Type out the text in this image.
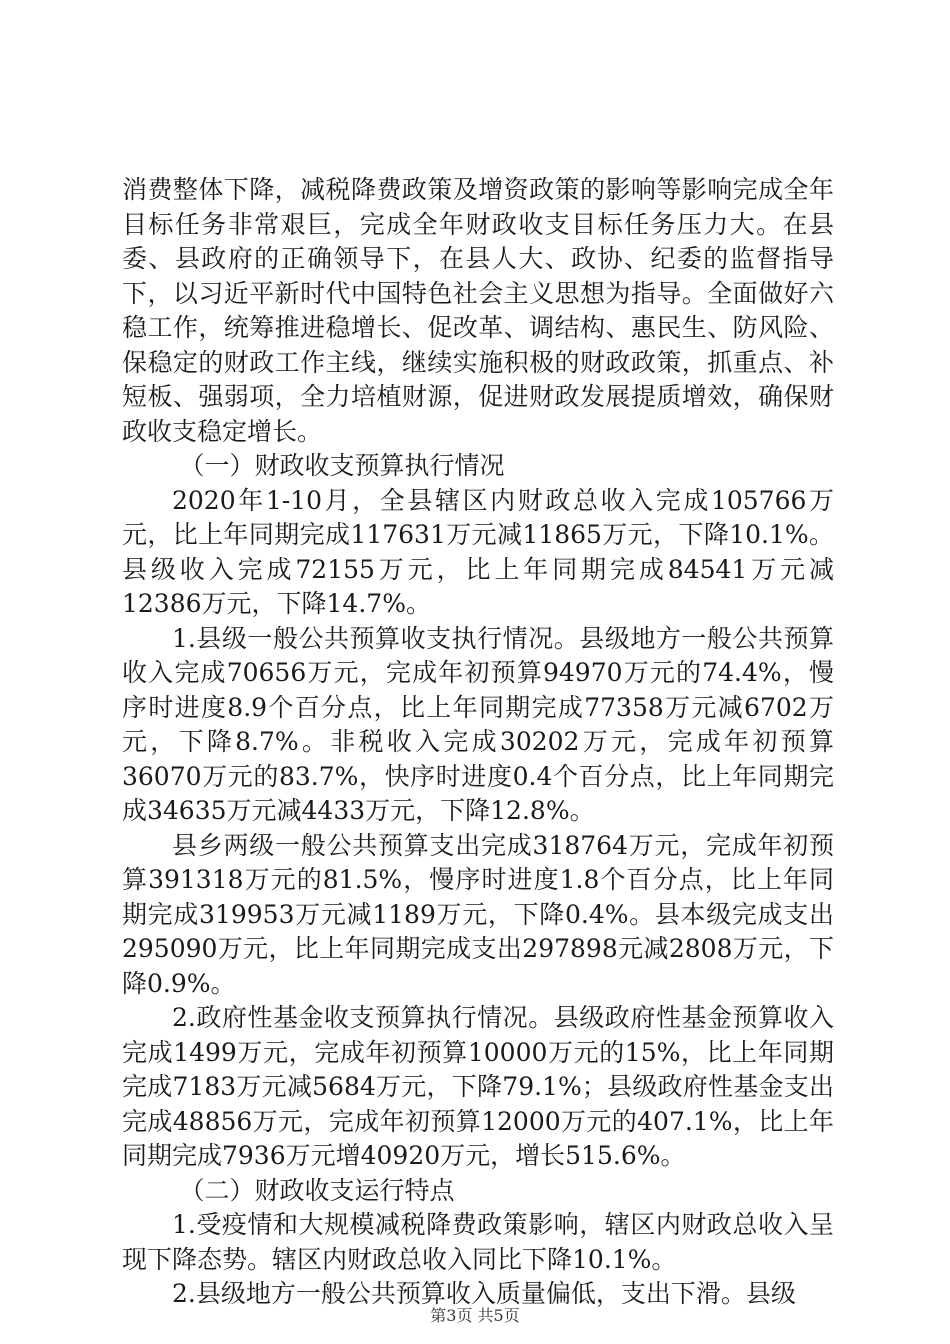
消费整体下降，减税降费政策及增资政策的影响等影响完成全年目标任务非常艰巨，完成全年财政收支目标任务压力大。在县委、县政府的正确领导下，在县人大、政协、纪委的监督指导下，以习近平新时代中国特色社会主义思想为指导。全面做好六稳工作，统筹推进稳增长、促改革、调结构、惠民生、防风险、保稳定的财政工作主线，继续实施积极的财政政策，抓重点、补短板、强弱项，全力培植财源，促进财政发展提质增效，确保财政收支稳定增长。

（一）财政收支预算执行情况

2020年1-10月，全县辖区内财政总收入完成105766万元，比上年同期完成117631万元减11865万元，下降10.1%。县级收入完成72155万元，比上年同期完成84541万元减12386万元，下降14.7%。

1.县级一般公共预算收支执行情况。县级地方一般公共预算收入完成70656万元，完成年初预算94970万元的74.4%，慢序时进度8.9个百分点，比上年同期完成77358万元减6702万元，下降8.7%。非税收入完成30202万元，完成年初预算36070万元的83.7%，快序时进度0.4个百分点，比上年同期完成34635万元减4433万元，下降12.8%。

县乡两级一般公共预算支出完成318764万元，完成年初预算391318万元的81.5%，慢序时进度1.8个百分点，比上年同期完成319953万元减1189万元，下降0.4%。县本级完成支出295090万元，比上年同期完成支出297898元减2808万元，下降0.9%。

2.政府性基金收支预算执行情况。县级政府性基金预算收入完成1499万元，完成年初预算10000万元的15%，比上年同期完成7183万元减5684万元，下降79.1%；县级政府性基金支出完成48856万元，完成年初预算12000万元的407.1%，比上年同期完成7936万元增40920万元，增长515.6%。

（二）财政收支运行特点

1.受疫情和大规模减税降费政策影响，辖区内财政总收入呈现下降态势。辖区内财政总收入同比下降10.1%。

2.县级地方一般公共预算收入质量偏低，支出下滑。县级

第3页 共5页
